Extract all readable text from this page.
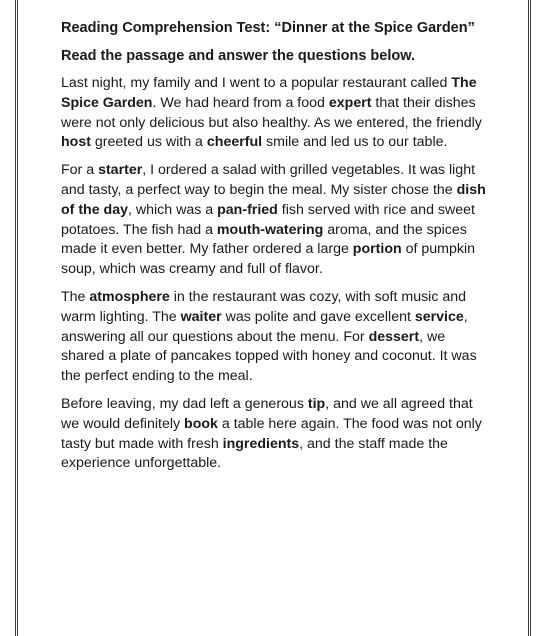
Reading Comprehension Test: “Dinner at the Spice Garden”
Read the passage and answer the questions below.

Last night, my family and I went to a popular restaurant called The Spice Garden. We had heard from a food expert that their dishes were not only delicious but also healthy. As we entered, the friendly host greeted us with a cheerful smile and led us to our table.

For a starter, I ordered a salad with grilled vegetables. It was light and tasty, a perfect way to begin the meal. My sister chose the dish of the day, which was a pan-fried fish served with rice and sweet potatoes. The fish had a mouth-watering aroma, and the spices made it even better. My father ordered a large portion of pumpkin soup, which was creamy and full of flavor.

The atmosphere in the restaurant was cozy, with soft music and warm lighting. The waiter was polite and gave excellent service, answering all our questions about the menu. For dessert, we shared a plate of pancakes topped with honey and coconut. It was the perfect ending to the meal.

Before leaving, my dad left a generous tip, and we all agreed that we would definitely book a table here again. The food was not only tasty but made with fresh ingredients, and the staff made the experience unforgettable.
